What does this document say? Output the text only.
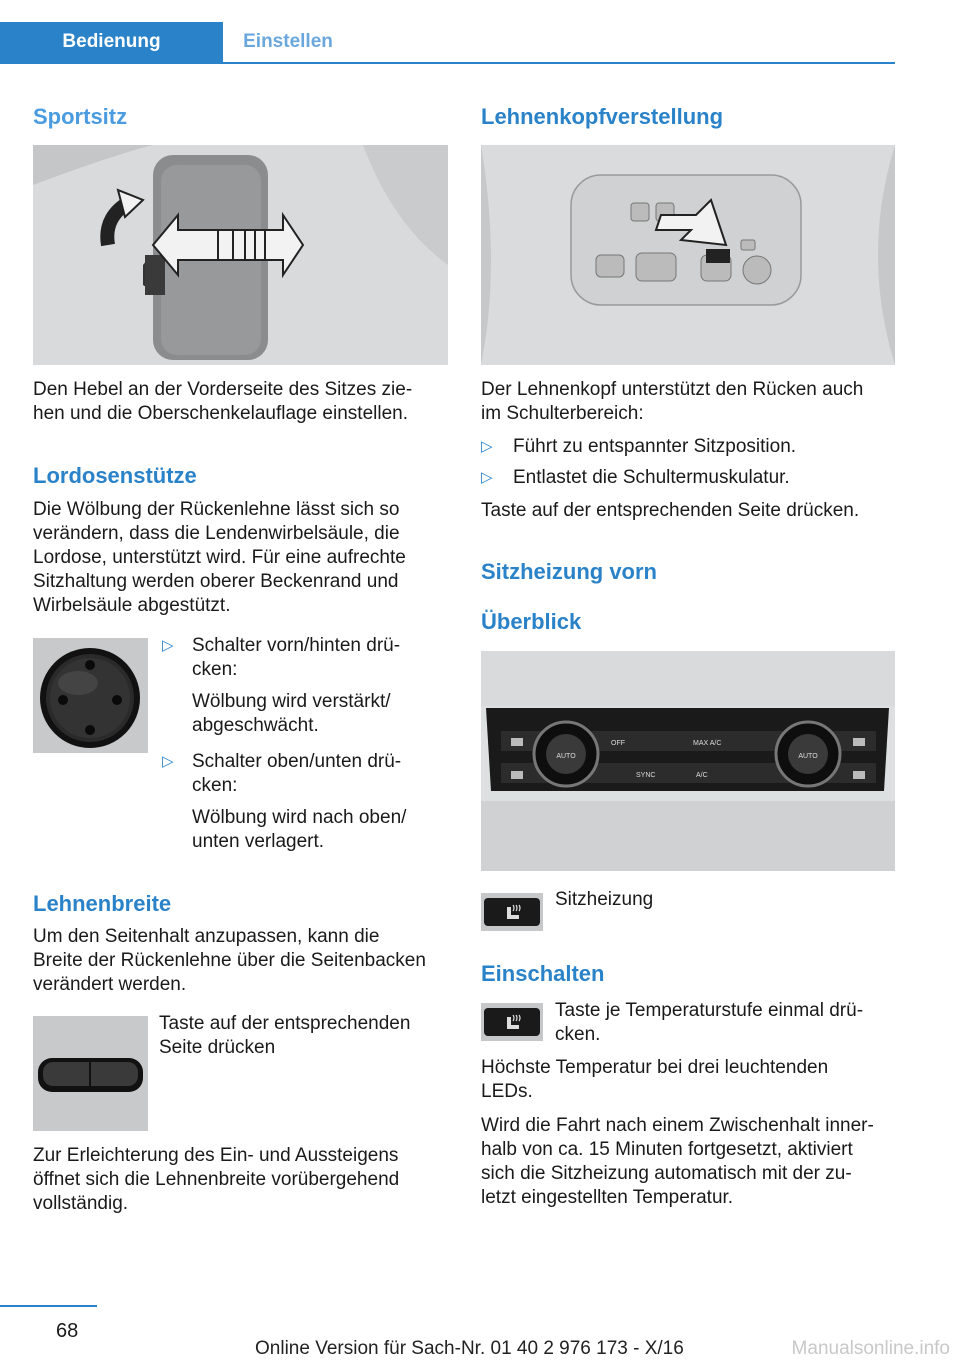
Bedienung	Einstellen
Sportsitz
Den Hebel an der Vorderseite des Sitzes zie-
hen und die Oberschenkelauflage einstellen.
Lordosenstütze
Die Wölbung der Rückenlehne lässt sich so
verändern, dass die Lendenwirbelsäule, die
Lordose, unterstützt wird. Für eine aufrechte
Sitzhaltung werden oberer Beckenrand und
Wirbelsäule abgestützt.
▷ Schalter vorn/hinten drü-
cken:
Wölbung wird verstärkt/
abgeschwächt.
▷ Schalter oben/unten drü-
cken:
Wölbung wird nach oben/
unten verlagert.
Lehnenbreite
Um den Seitenhalt anzupassen, kann die
Breite der Rückenlehne über die Seitenbacken
verändert werden.
Taste auf der entsprechenden
Seite drücken
Zur Erleichterung des Ein- und Aussteigens
öffnet sich die Lehnenbreite vorübergehend
vollständig.
Lehnenkopfverstellung
Der Lehnenkopf unterstützt den Rücken auch
im Schulterbereich:
▷	Führt zu entspannter Sitzposition.
▷	Entlastet die Schultermuskulatur.
Taste auf der entsprechenden Seite drücken.
Sitzheizung vorn
Überblick
AUTO	AUTO
OFF	MAX A/C
SYNC	A/C
Sitzheizung
Einschalten
Taste je Temperaturstufe einmal drü-
cken.
Höchste Temperatur bei drei leuchtenden
LEDs.
Wird die Fahrt nach einem Zwischenhalt inner-
halb von ca. 15 Minuten fortgesetzt, aktiviert
sich die Sitzheizung automatisch mit der zu-
letzt eingestellten Temperatur.
68
Online Version für Sach-Nr. 01 40 2 976 173 - X/16	Manualsonline.info
